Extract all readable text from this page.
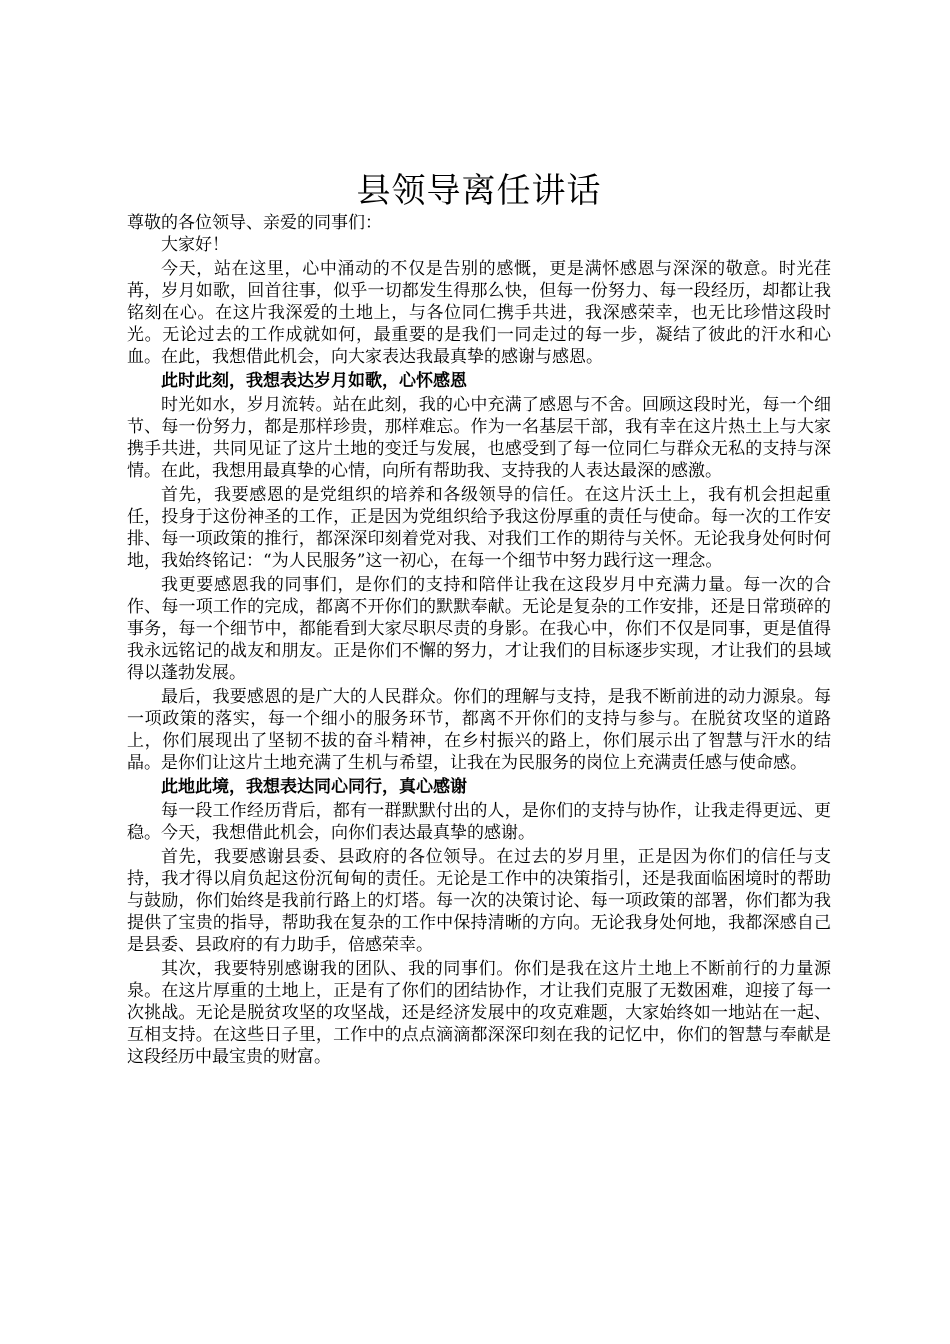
县领导离任讲话

尊敬的各位领导、亲爱的同事们：

大家好！

今天，站在这里，心中涌动的不仅是告别的感慨，更是满怀感恩与深深的敬意。时光荏苒，岁月如歌，回首往事，似乎一切都发生得那么快，但每一份努力、每一段经历，却都让我铭刻在心。在这片我深爱的土地上，与各位同仁携手共进，我深感荣幸，也无比珍惜这段时光。无论过去的工作成就如何，最重要的是我们一同走过的每一步，凝结了彼此的汗水和心血。在此，我想借此机会，向大家表达我最真挚的感谢与感恩。

此时此刻，我想表达岁月如歌，心怀感恩

时光如水，岁月流转。站在此刻，我的心中充满了感恩与不舍。回顾这段时光，每一个细节、每一份努力，都是那样珍贵，那样难忘。作为一名基层干部，我有幸在这片热土上与大家携手共进，共同见证了这片土地的变迁与发展，也感受到了每一位同仁与群众无私的支持与深情。在此，我想用最真挚的心情，向所有帮助我、支持我的人表达最深的感激。

首先，我要感恩的是党组织的培养和各级领导的信任。在这片沃土上，我有机会担起重任，投身于这份神圣的工作，正是因为党组织给予我这份厚重的责任与使命。每一次的工作安排、每一项政策的推行，都深深印刻着党对我、对我们工作的期待与关怀。无论我身处何时何地，我始终铭记：“为人民服务”这一初心，在每一个细节中努力践行这一理念。

我更要感恩我的同事们，是你们的支持和陪伴让我在这段岁月中充满力量。每一次的合作、每一项工作的完成，都离不开你们的默默奉献。无论是复杂的工作安排，还是日常琐碎的事务，每一个细节中，都能看到大家尽职尽责的身影。在我心中，你们不仅是同事，更是值得我永远铭记的战友和朋友。正是你们不懈的努力，才让我们的目标逐步实现，才让我们的县域得以蓬勃发展。

最后，我要感恩的是广大的人民群众。你们的理解与支持，是我不断前进的动力源泉。每一项政策的落实，每一个细小的服务环节，都离不开你们的支持与参与。在脱贫攻坚的道路上，你们展现出了坚韧不拔的奋斗精神，在乡村振兴的路上，你们展示出了智慧与汗水的结晶。是你们让这片土地充满了生机与希望，让我在为民服务的岗位上充满责任感与使命感。

此地此境，我想表达同心同行，真心感谢

每一段工作经历背后，都有一群默默付出的人，是你们的支持与协作，让我走得更远、更稳。今天，我想借此机会，向你们表达最真挚的感谢。

首先，我要感谢县委、县政府的各位领导。在过去的岁月里，正是因为你们的信任与支持，我才得以肩负起这份沉甸甸的责任。无论是工作中的决策指引，还是我面临困境时的帮助与鼓励，你们始终是我前行路上的灯塔。每一次的决策讨论、每一项政策的部署，你们都为我提供了宝贵的指导，帮助我在复杂的工作中保持清晰的方向。无论我身处何地，我都深感自己是县委、县政府的有力助手，倍感荣幸。

其次，我要特别感谢我的团队、我的同事们。你们是我在这片土地上不断前行的力量源泉。在这片厚重的土地上，正是有了你们的团结协作，才让我们克服了无数困难，迎接了每一次挑战。无论是脱贫攻坚的攻坚战，还是经济发展中的攻克难题，大家始终如一地站在一起、互相支持。在这些日子里，工作中的点点滴滴都深深印刻在我的记忆中，你们的智慧与奉献是这段经历中最宝贵的财富。
